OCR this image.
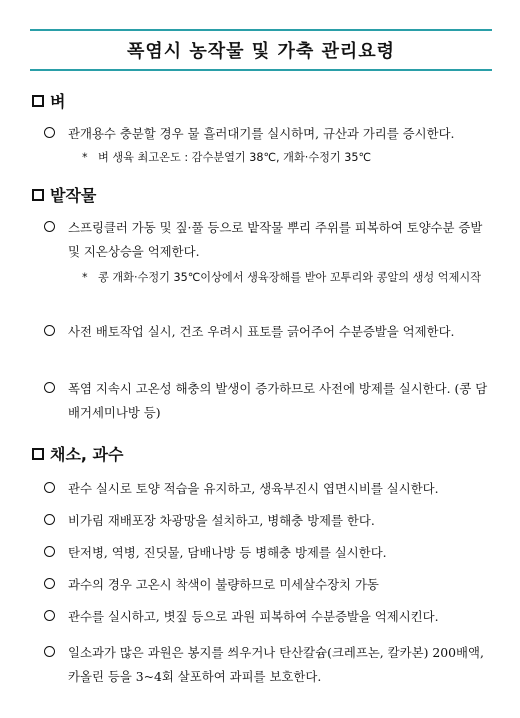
폭염시 농작물 및 가축 관리요령
벼
관개용수 충분할 경우 물 흘러대기를 실시하며, 규산과 가리를 증시한다.
* 벼 생육 최고온도 : 감수분열기 38℃, 개화·수정기 35℃
밭작물
스프링클러 가동 및 짚·풀 등으로 밭작물 뿌리 주위를 피복하여 토양수분 증발 및 지온상승을 억제한다.
* 콩 개화·수정기 35℃이상에서 생육장해를 받아 꼬투리와 콩알의 생성 억제시작
사전 배토작업 실시, 건조 우려시 표토를 긁어주어 수분증발을 억제한다.
폭염 지속시 고온성 해충의 발생이 증가하므로 사전에 방제를 실시한다. (콩 담배거세미나방 등)
채소, 과수
관수 실시로 토양 적습을 유지하고, 생육부진시 엽면시비를 실시한다.
비가림 재배포장 차광망을 설치하고, 병해충 방제를 한다.
탄저병, 역병, 진딧물, 담배나방 등 병해충 방제를 실시한다.
과수의 경우 고온시 착색이 불량하므로 미세살수장치 가동
관수를 실시하고, 볏짚 등으로 과원 피복하여 수분증발을 억제시킨다.
일소과가 많은 과원은 봉지를 씌우거나 탄산칼슘(크레프논, 칼카본) 200배액, 카올린 등을 3~4회 살포하여 과피를 보호한다.
